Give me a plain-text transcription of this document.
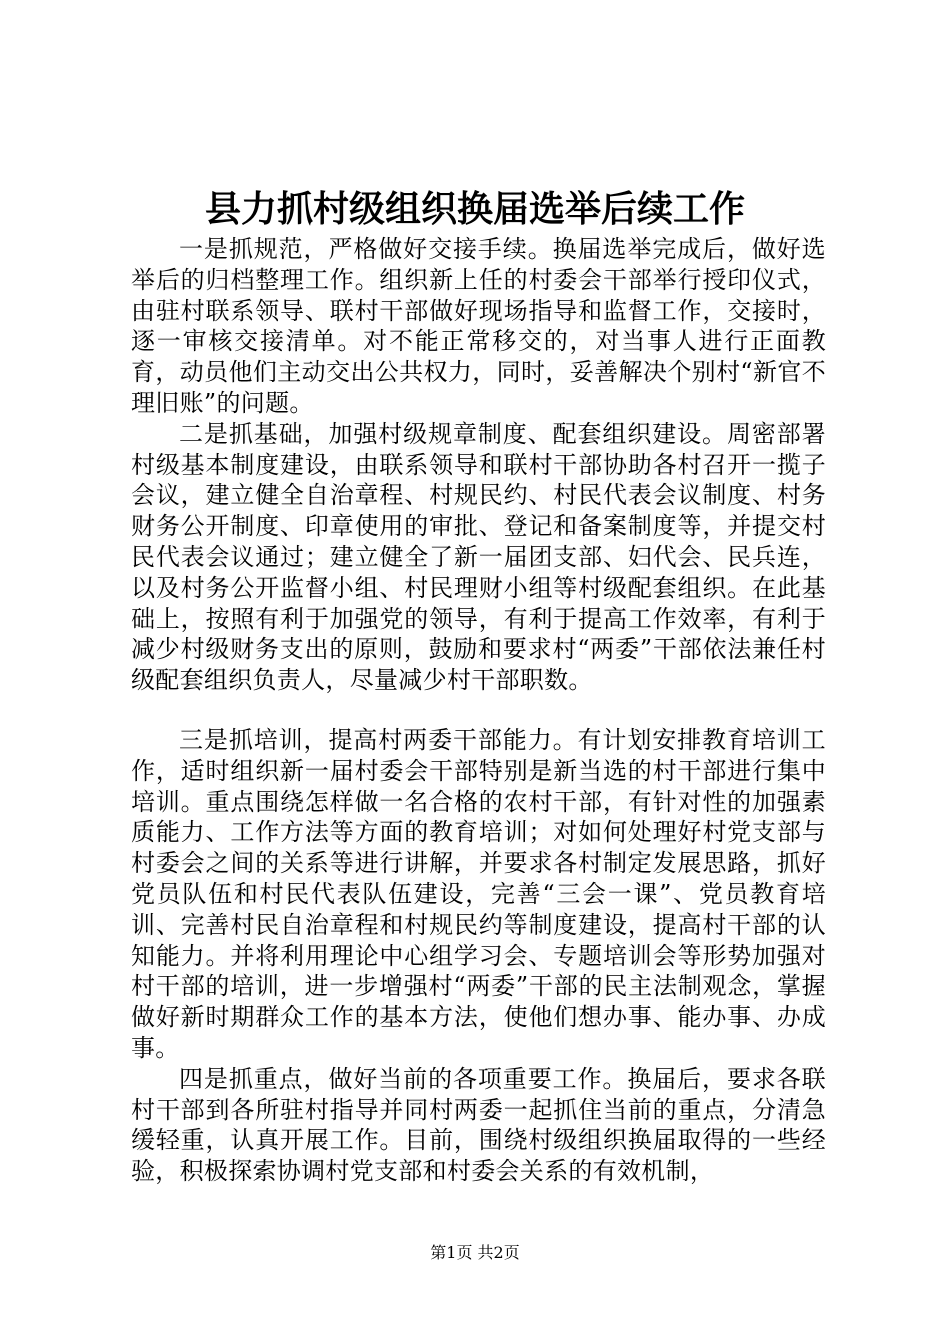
县力抓村级组织换届选举后续工作

一是抓规范，严格做好交接手续。换届选举完成后，做好选举后的归档整理工作。组织新上任的村委会干部举行授印仪式，由驻村联系领导、联村干部做好现场指导和监督工作，交接时，逐一审核交接清单。对不能正常移交的，对当事人进行正面教育，动员他们主动交出公共权力，同时，妥善解决个别村“新官不理旧账”的问题。

二是抓基础，加强村级规章制度、配套组织建设。周密部署村级基本制度建设，由联系领导和联村干部协助各村召开一揽子会议，建立健全自治章程、村规民约、村民代表会议制度、村务财务公开制度、印章使用的审批、登记和备案制度等，并提交村民代表会议通过；建立健全了新一届团支部、妇代会、民兵连，以及村务公开监督小组、村民理财小组等村级配套组织。在此基础上，按照有利于加强党的领导，有利于提高工作效率，有利于减少村级财务支出的原则，鼓励和要求村“两委”干部依法兼任村级配套组织负责人，尽量减少村干部职数。

三是抓培训，提高村两委干部能力。有计划安排教育培训工作，适时组织新一届村委会干部特别是新当选的村干部进行集中培训。重点围绕怎样做一名合格的农村干部，有针对性的加强素质能力、工作方法等方面的教育培训；对如何处理好村党支部与村委会之间的关系等进行讲解，并要求各村制定发展思路，抓好党员队伍和村民代表队伍建设，完善“三会一课”、党员教育培训、完善村民自治章程和村规民约等制度建设，提高村干部的认知能力。并将利用理论中心组学习会、专题培训会等形势加强对村干部的培训，进一步增强村“两委”干部的民主法制观念，掌握做好新时期群众工作的基本方法，使他们想办事、能办事、办成事。

四是抓重点，做好当前的各项重要工作。换届后，要求各联村干部到各所驻村指导并同村两委一起抓住当前的重点，分清急缓轻重，认真开展工作。目前，围绕村级组织换届取得的一些经验，积极探索协调村党支部和村委会关系的有效机制，

第1页 共2页
